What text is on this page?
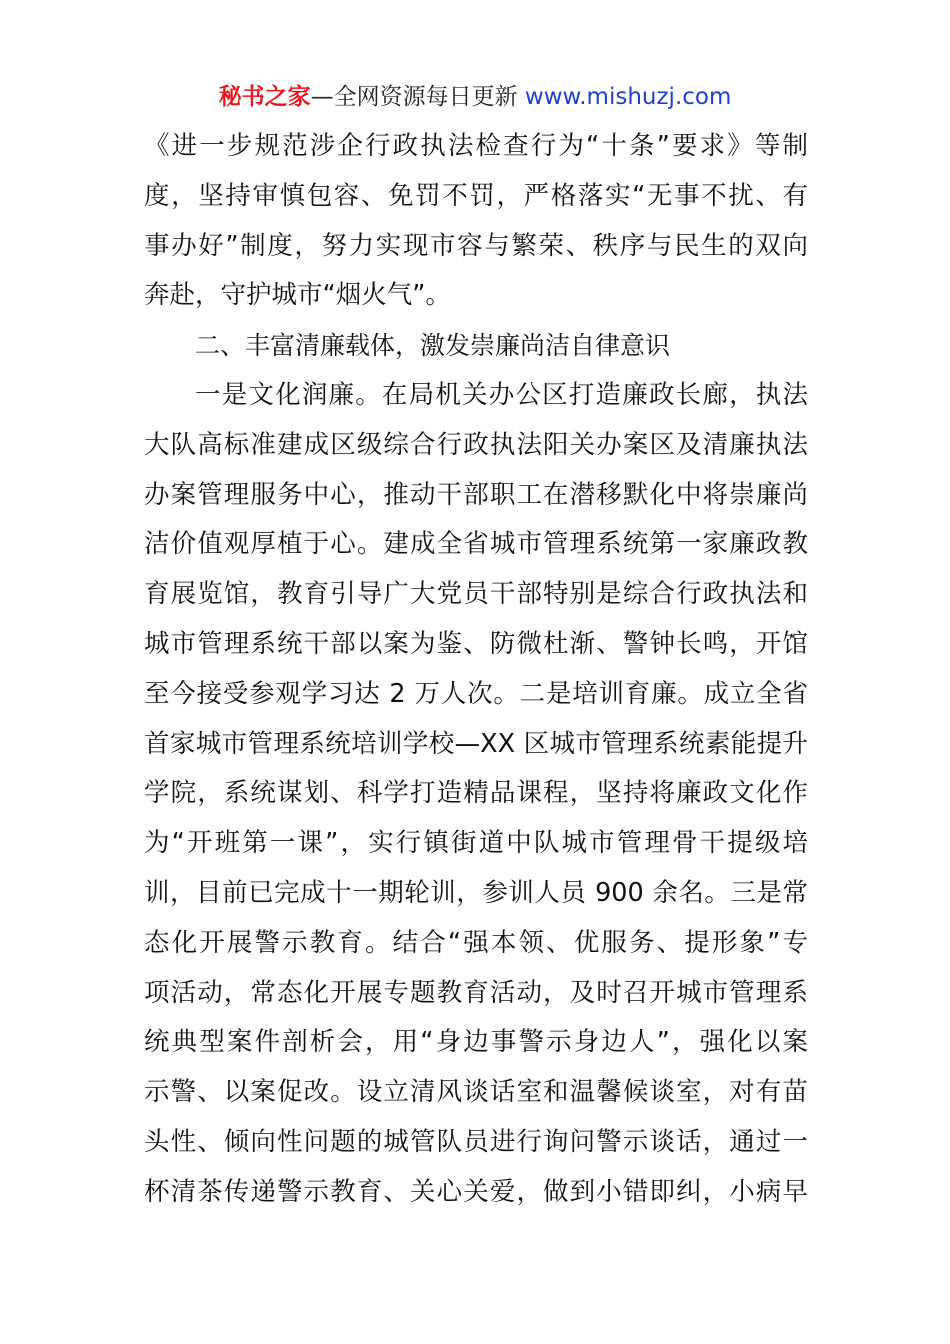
秘书之家—全网资源每日更新 www.mishuzj.com
《进一步规范涉企行政执法检查行为“十条”要求》等制
度，坚持审慎包容、免罚不罚，严格落实“无事不扰、有
事办好”制度，努力实现市容与繁荣、秩序与民生的双向
奔赴，守护城市“烟火气”。
二、丰富清廉载体，激发崇廉尚洁自律意识
一是文化润廉。在局机关办公区打造廉政长廊，执法
大队高标准建成区级综合行政执法阳关办案区及清廉执法
办案管理服务中心，推动干部职工在潜移默化中将崇廉尚
洁价值观厚植于心。建成全省城市管理系统第一家廉政教
育展览馆，教育引导广大党员干部特别是综合行政执法和
城市管理系统干部以案为鉴、防微杜渐、警钟长鸣，开馆
至今接受参观学习达 2 万人次。二是培训育廉。成立全省
首家城市管理系统培训学校—XX 区城市管理系统素能提升
学院，系统谋划、科学打造精品课程，坚持将廉政文化作
为“开班第一课”，实行镇街道中队城市管理骨干提级培
训，目前已完成十一期轮训，参训人员 900 余名。三是常
态化开展警示教育。结合“强本领、优服务、提形象”专
项活动，常态化开展专题教育活动，及时召开城市管理系
统典型案件剖析会，用“身边事警示身边人”，强化以案
示警、以案促改。设立清风谈话室和温馨候谈室，对有苗
头性、倾向性问题的城管队员进行询问警示谈话，通过一
杯清茶传递警示教育、关心关爱，做到小错即纠，小病早
